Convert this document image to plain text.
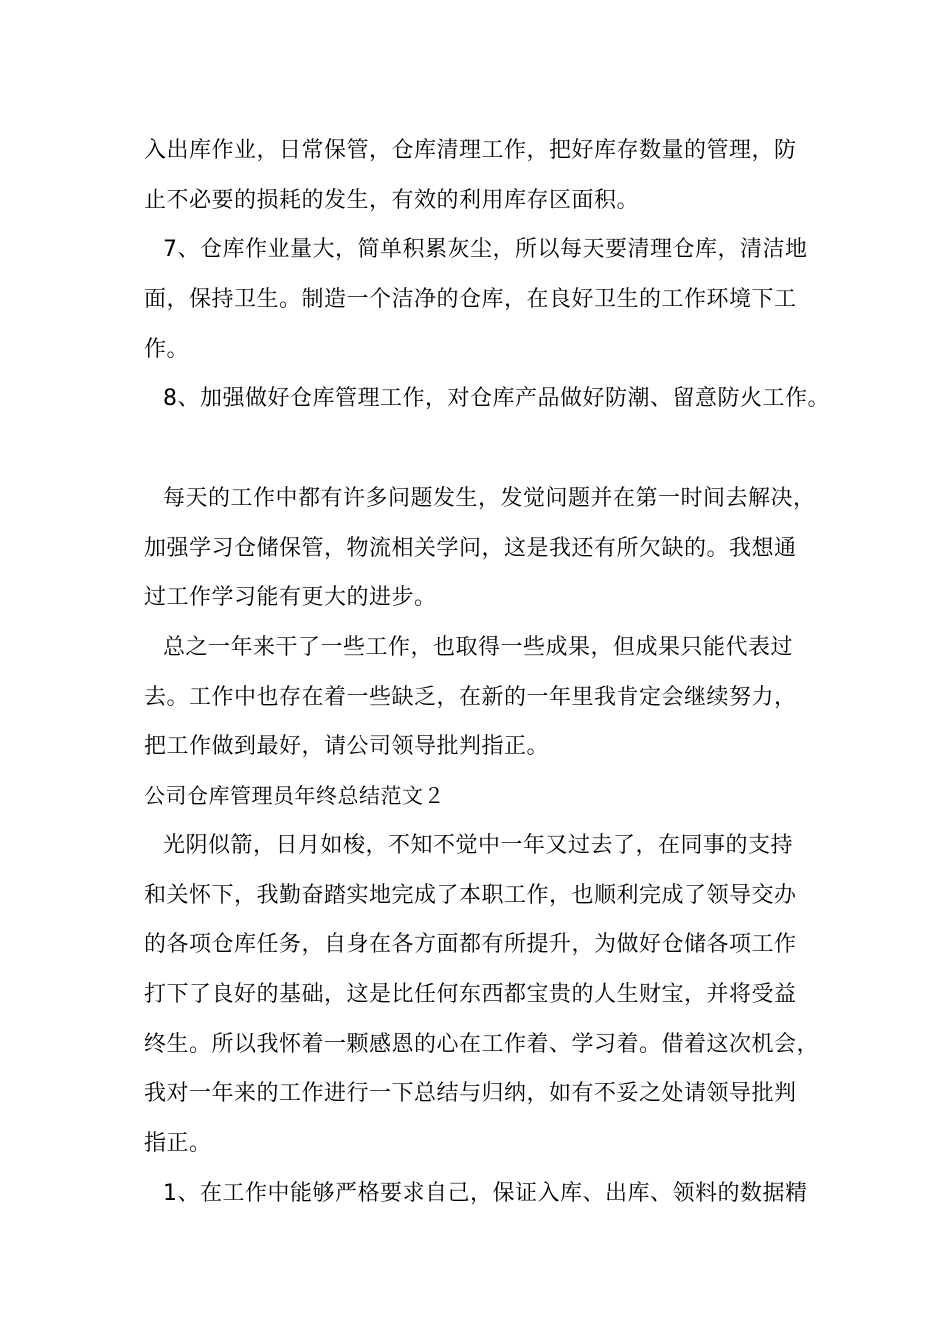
入出库作业，日常保管，仓库清理工作，把好库存数量的管理，防
止不必要的损耗的发生，有效的利用库存区面积。
7、仓库作业量大，简单积累灰尘，所以每天要清理仓库，清洁地
面，保持卫生。制造一个洁净的仓库，在良好卫生的工作环境下工
作。
8、加强做好仓库管理工作，对仓库产品做好防潮、留意防火工作。
每天的工作中都有许多问题发生，发觉问题并在第一时间去解决，
加强学习仓储保管，物流相关学问，这是我还有所欠缺的。我想通
过工作学习能有更大的进步。
总之一年来干了一些工作，也取得一些成果，但成果只能代表过
去。工作中也存在着一些缺乏，在新的一年里我肯定会继续努力，
把工作做到最好，请公司领导批判指正。
公司仓库管理员年终总结范文２
光阴似箭，日月如梭，不知不觉中一年又过去了，在同事的支持
和关怀下，我勤奋踏实地完成了本职工作，也顺利完成了领导交办
的各项仓库任务，自身在各方面都有所提升，为做好仓储各项工作
打下了良好的基础，这是比任何东西都宝贵的人生财宝，并将受益
终生。所以我怀着一颗感恩的心在工作着、学习着。借着这次机会，
我对一年来的工作进行一下总结与归纳，如有不妥之处请领导批判
指正。
1、在工作中能够严格要求自己，保证入库、出库、领料的数据精
